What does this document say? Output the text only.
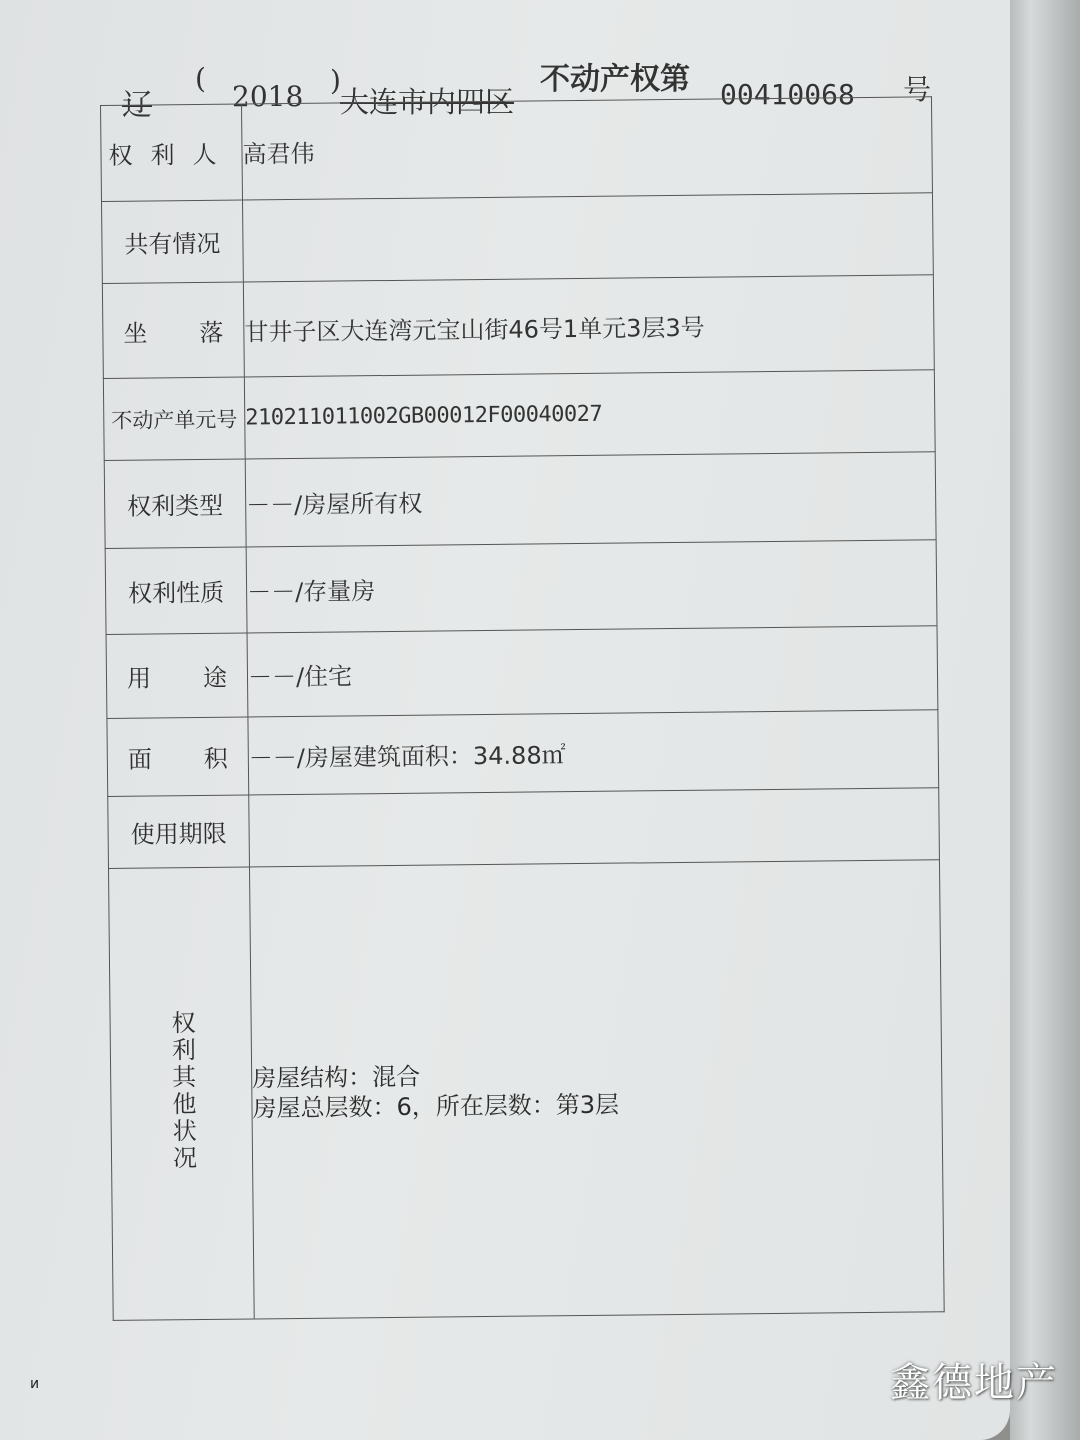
辽
(
2018 )
大连市内四区
不动产权第 00410068 号
权利人	高君伟
共有情况	
坐落	甘井子区大连湾元宝山街46号1单元3层3号
不动产单元号	210211011002GB00012F00040027
权利类型	－－/房屋所有权
权利性质	－－/存量房
用途	－－/住宅
面积	－－/房屋建筑面积：34.88㎡
使用期限	

权利其他状况	房屋结构：混合
房屋总层数：6，所在层数：第3层
ᴎ	鑫德地产
